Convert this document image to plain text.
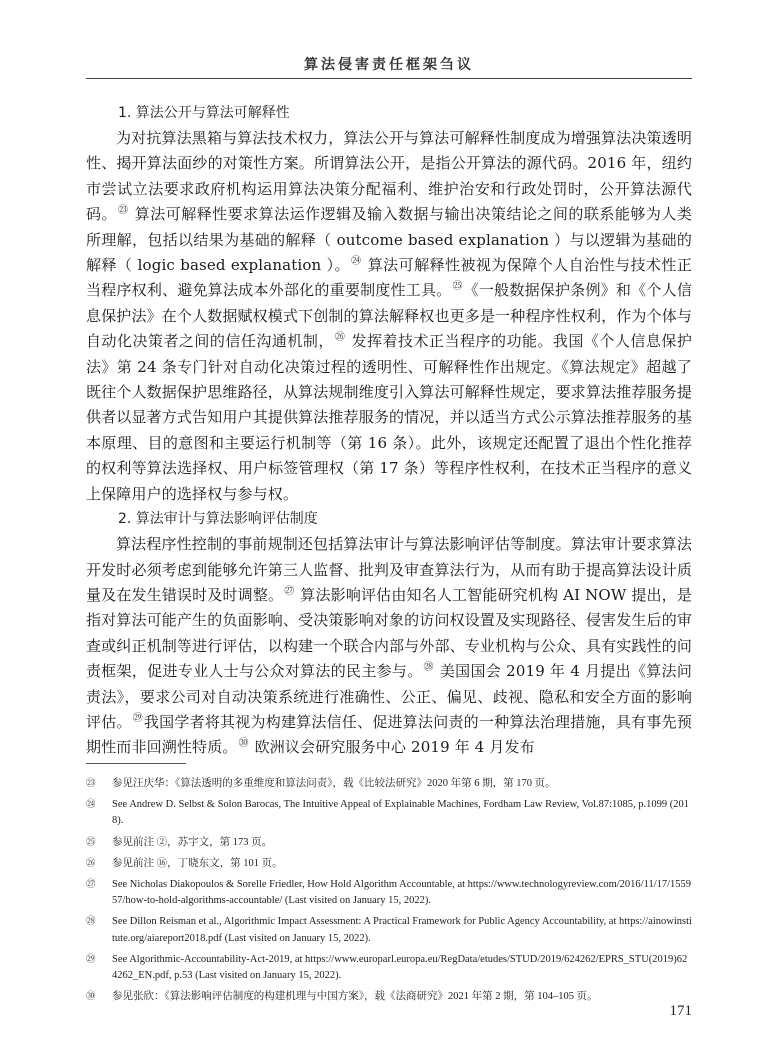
算法侵害责任框架刍议

1. 算法公开与算法可解释性

为对抗算法黑箱与算法技术权力，算法公开与算法可解释性制度成为增强算法决策透明性、揭开算法面纱的对策性方案。所谓算法公开，是指公开算法的源代码。2016 年，纽约市尝试立法要求政府机构运用算法决策分配福利、维护治安和行政处罚时，公开算法源代码。$^㉓$ 算法可解释性要求算法运作逻辑及输入数据与输出决策结论之间的联系能够为人类所理解，包括以结果为基础的解释（ outcome based explanation ）与以逻辑为基础的解释（ logic based explanation ）。$^㉔$ 算法可解释性被视为保障个人自治性与技术性正当程序权利、避免算法成本外部化的重要制度性工具。$^㉕$《一般数据保护条例》和《个人信息保护法》在个人数据赋权模式下创制的算法解释权也更多是一种程序性权利，作为个体与自动化决策者之间的信任沟通机制，$^㉖$ 发挥着技术正当程序的功能。我国《个人信息保护法》第 24 条专门针对自动化决策过程的透明性、可解释性作出规定。《算法规定》超越了既往个人数据保护思维路径，从算法规制维度引入算法可解释性规定，要求算法推荐服务提供者以显著方式告知用户其提供算法推荐服务的情况，并以适当方式公示算法推荐服务的基本原理、目的意图和主要运行机制等（第 16 条）。此外，该规定还配置了退出个性化推荐的权利等算法选择权、用户标签管理权（第 17 条）等程序性权利，在技术正当程序的意义上保障用户的选择权与参与权。

2. 算法审计与算法影响评估制度

算法程序性控制的事前规制还包括算法审计与算法影响评估等制度。算法审计要求算法开发时必须考虑到能够允许第三人监督、批判及审查算法行为，从而有助于提高算法设计质量及在发生错误时及时调整。$^㉗$ 算法影响评估由知名人工智能研究机构 AI NOW 提出，是指对算法可能产生的负面影响、受决策影响对象的访问权设置及实现路径、侵害发生后的审查或纠正机制等进行评估，以构建一个联合内部与外部、专业机构与公众、具有实践性的问责框架，促进专业人士与公众对算法的民主参与。$^㉘$ 美国国会 2019 年 4 月提出《算法问责法》，要求公司对自动决策系统进行准确性、公正、偏见、歧视、隐私和安全方面的影响评估。$^㉙$我国学者将其视为构建算法信任、促进算法问责的一种算法治理措施，具有事先预期性而非回溯性特质。$^㉚$ 欧洲议会研究服务中心 2019 年 4 月发布

㉓ 参见汪庆华：《算法透明的多重维度和算法问责》，载《比较法研究》2020 年第 6 期，第 170 页。
㉔ See Andrew D. Selbst & Solon Barocas, The Intuitive Appeal of Explainable Machines, Fordham Law Review, Vol.87:1085, p.1099 (2018).
㉕ 参见前注 ②，苏宇文，第 173 页。
㉖ 参见前注 ⑯，丁晓东文，第 101 页。
㉗ See Nicholas Diakopoulos & Sorelle Friedler, How Hold Algorithm Accountable, at https://www.technologyreview.com/2016/11/17/155957/how-to-hold-algorithms-accountable/ (Last visited on January 15, 2022).
㉘ See Dillon Reisman et al., Algorithmic Impact Assessment: A Practical Framework for Public Agency Accountability, at https://ainowinstitute.org/aiareport2018.pdf (Last visited on January 15, 2022).
㉙ See Algorithmic-Accountability-Act-2019, at https://www.europarl.europa.eu/RegData/etudes/STUD/2019/624262/EPRS_STU(2019)624262_EN.pdf, p.53 (Last visited on January 15, 2022).
㉚ 参见张欣：《算法影响评估制度的构建机理与中国方案》，载《法商研究》2021 年第 2 期，第 104–105 页。
171
